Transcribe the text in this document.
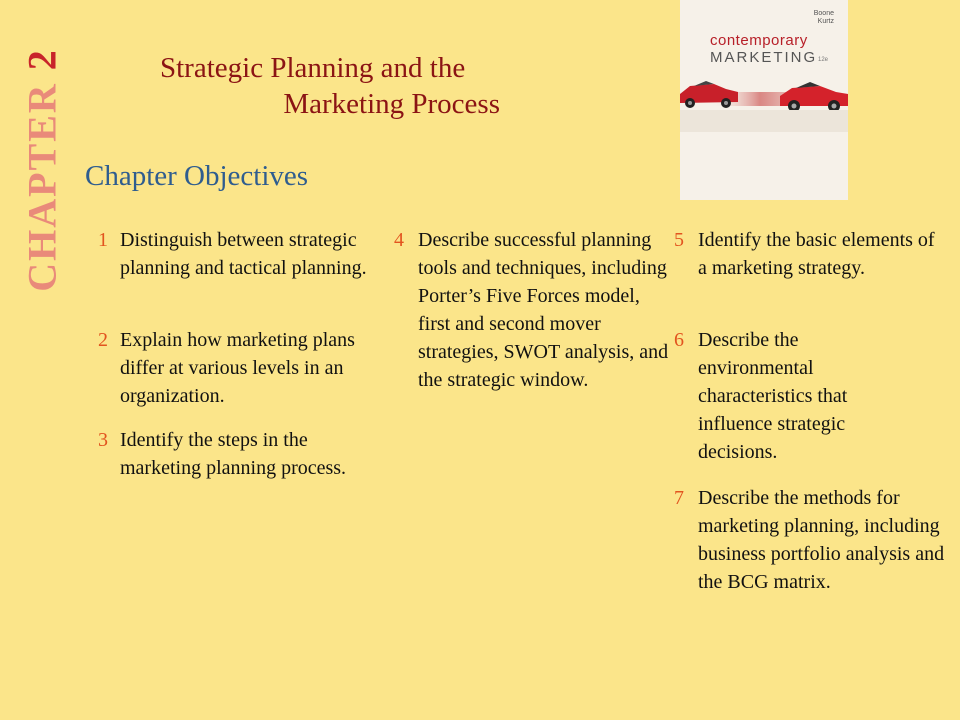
CHAPTER 2	Strategic Planning and the
Marketing Process
Chapter Objectives
Boone
Kurtz
contemporary
MARKETING 12e
1 Distinguish between strategic planning and tactical planning.
2 Explain how marketing plans differ at various levels in an organization.
3 Identify the steps in the marketing planning process.
4 Describe successful planning tools and techniques, including Porter’s Five Forces model, first and second mover strategies, SWOT analysis, and the strategic window.
5 Identify the basic elements of a marketing strategy.
6 Describe the environmental characteristics that influence strategic decisions.
7 Describe the methods for marketing planning, including business portfolio analysis and the BCG matrix.
